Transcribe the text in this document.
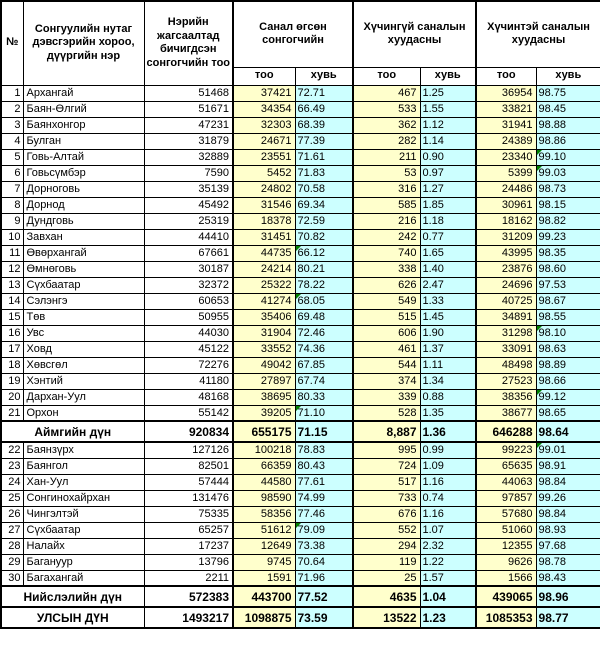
№	Сонгуулийн нутаг дэвсгэрийн хороо, дүүргийн нэр	Нэрийн жагсаалтад бичигдсэн сонгогчийн тоо	Санал өгсөн сонгогчийн		Хүчингүй саналын хуудасны		Хүчинтэй саналын хуудасны	
			тоо	хувь	тоо	хувь	тоо	хувь
1	Архангай	51468	37421	72.71	467	1.25	36954	98.75
2	Баян-Өлгий	51671	34354	66.49	533	1.55	33821	98.45
3	Баянхонгор	47231	32303	68.39	362	1.12	31941	98.88
4	Булган	31879	24671	77.39	282	1.14	24389	98.86
5	Говь-Алтай	32889	23551	71.61	211	0.90	23340	99.10

6	Говьсүмбэр	7590	5452	71.83	53	0.97	5399	99.03

7	Дорноговь	35139	24802	70.58	316	1.27	24486	98.73
8	Дорнод	45492	31546	69.34	585	1.85	30961	98.15
9	Дундговь	25319	18378	72.59	216	1.18	18162	98.82
10	Завхан	44410	31451	70.82	242	0.77	31209	99.23
11	Өвөрхангай	67661	44735	66.12	740	1.65	43995	98.35
12	Өмнөговь	30187	24214	80.21	338	1.40	23876	98.60
13	Сүхбаатар	32372	25322	78.22	626	2.47	24696	97.53
14	Сэлэнгэ	60653	41274	68.05	549	1.33	40725	98.67
15	Төв	50955	35406	69.48	515	1.45	34891	98.55
16	Увс	44030	31904	72.46	606	1.90	31298	98.10

17	Ховд	45122	33552	74.36	461	1.37	33091	98.63
18	Хөвсгөл	72276	49042	67.85	544	1.11	48498	98.89
19	Хэнтий	41180	27897	67.74	374	1.34	27523	98.66
20	Дархан-Уул	48168	38695	80.33	339	0.88	38356	99.12

21	Орхон	55142	39205	71.10	528	1.35	38677	98.65
Аймгийн дүн		920834	655175	71.15	8,887	1.36	646288	98.64
22	Баянзүрх	127126	100218	78.83	995	0.99	99223	99.01

23	Баянгол	82501	66359	80.43	724	1.09	65635	98.91
24	Хан-Уул	57444	44580	77.61	517	1.16	44063	98.84
25	Сонгинохайрхан	131476	98590	74.99	733	0.74	97857	99.26
26	Чингэлтэй	75335	58356	77.46	676	1.16	57680	98.84
27	Сүхбаатар	65257	51612	79.09	552	1.07	51060	98.93
28	Налайх	17237	12649	73.38	294	2.32	12355	97.68
29	Багануур	13796	9745	70.64	119	1.22	9626	98.78
30	Багахангай	2211	1591	71.96	25	1.57	1566	98.43
Нийслэлийн дүн		572383	443700	77.52	4635	1.04	439065	98.96
УЛСЫН ДҮН		1493217	1098875	73.59	13522	1.23	1085353	98.77
